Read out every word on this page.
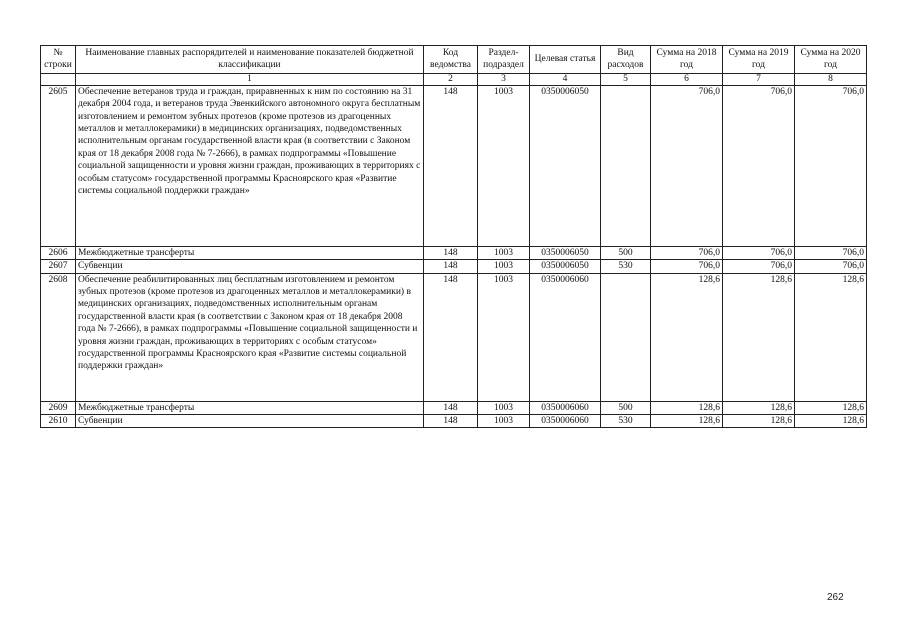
№ строки	Наименование главных распорядителей и наименование показателей бюджетной классификации	Код ведомства	Раздел-подраздел	Целевая статья	Вид расходов	Сумма на 2018 год	Сумма на 2019 год	Сумма на 2020 год
	1	2	3	4	5	6	7	8
2605	Обеспечение ветеранов труда и граждан, приравненных к ним по состоянию на 31 декабря 2004 года, и ветеранов труда Эвенкийского автономного округа бесплатным изготовлением и ремонтом зубных протезов (кроме протезов из драгоценных металлов и металлокерамики) в медицинских организациях, подведомственных исполнительным органам государственной власти края (в соответствии с Законом края от 18 декабря 2008 года № 7-2666), в рамках подпрограммы «Повышение социальной защищенности и уровня жизни граждан, проживающих в территориях с особым статусом» государственной программы Красноярского края «Развитие системы социальной поддержки граждан»	148	1003	0350006050		706,0	706,0	706,0
2606	Межбюджетные трансферты	148	1003	0350006050	500	706,0	706,0	706,0
2607	Субвенции	148	1003	0350006050	530	706,0	706,0	706,0
2608	Обеспечение реабилитированных лиц бесплатным изготовлением и ремонтом зубных протезов (кроме протезов из драгоценных металлов и металлокерамики) в медицинских организациях, подведомственных исполнительным органам государственной власти края (в соответствии с Законом края от 18 декабря 2008 года № 7-2666), в рамках подпрограммы «Повышение социальной защищенности и уровня жизни граждан, проживающих в территориях с особым статусом» государственной программы Красноярского края «Развитие системы социальной поддержки граждан»	148	1003	0350006060		128,6	128,6	128,6
2609	Межбюджетные трансферты	148	1003	0350006060	500	128,6	128,6	128,6
2610	Субвенции	148	1003	0350006060	530	128,6	128,6	128,6
262
